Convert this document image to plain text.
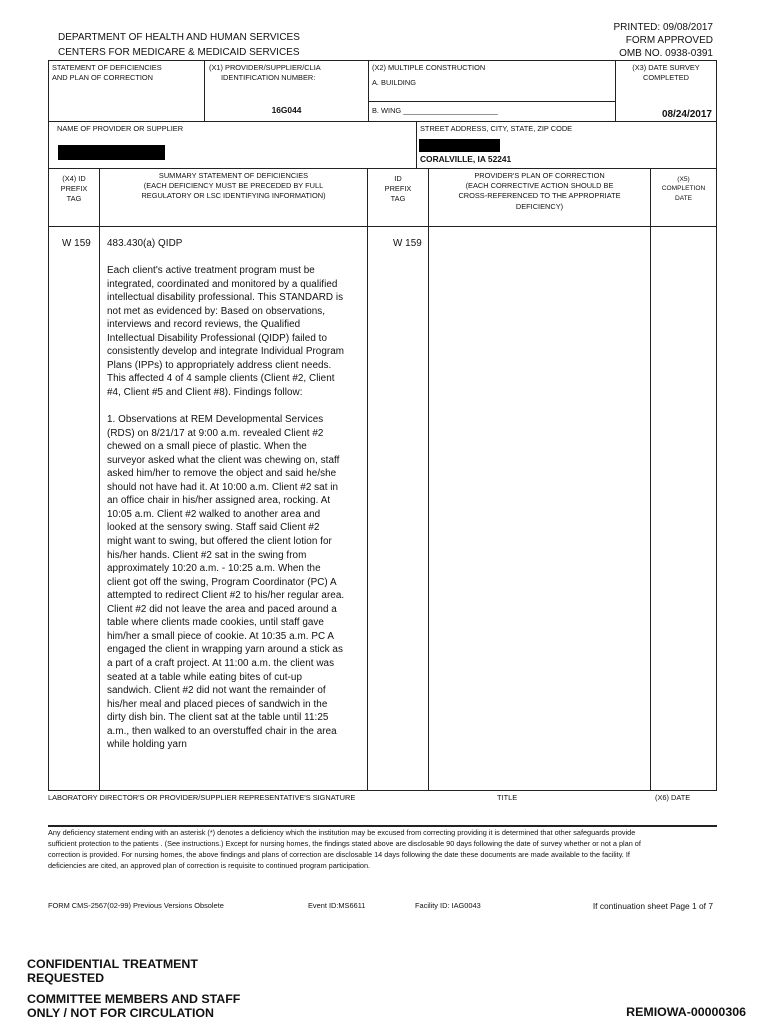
DEPARTMENT OF HEALTH AND HUMAN SERVICES
CENTERS FOR MEDICARE & MEDICAID SERVICES
PRINTED: 09/08/2017
FORM APPROVED
OMB NO. 0938-0391
STATEMENT OF DEFICIENCIES
AND PLAN OF CORRECTION
(X1) PROVIDER/SUPPLIER/CLIA
IDENTIFICATION NUMBER:
16G044
(X2) MULTIPLE CONSTRUCTION
A. BUILDING
B. WING _______________________
(X3) DATE SURVEY
COMPLETED
08/24/2017
NAME OF PROVIDER OR SUPPLIER	STREET ADDRESS, CITY, STATE, ZIP CODE
CORALVILLE, IA 52241
(X4) ID
PREFIX
TAG
SUMMARY STATEMENT OF DEFICIENCIES
(EACH DEFICIENCY MUST BE PRECEDED BY FULL
REGULATORY OR LSC IDENTIFYING INFORMATION)
ID
PREFIX
TAG
PROVIDER'S PLAN OF CORRECTION
(EACH CORRECTIVE ACTION SHOULD BE
CROSS-REFERENCED TO THE APPROPRIATE
DEFICIENCY)
(X5)
COMPLETION
DATE
W 159	W 159

483.430(a) QIDP

Each client's active treatment program must be integrated, coordinated and monitored by a qualified intellectual disability professional. This STANDARD is not met as evidenced by: Based on observations, interviews and record reviews, the Qualified Intellectual Disability Professional (QIDP) failed to consistently develop and integrate Individual Program Plans (IPPs) to appropriately address client needs. This affected 4 of 4 sample clients (Client #2, Client #4, Client #5 and Client #8). Findings follow:

1. Observations at REM Developmental Services (RDS) on 8/21/17 at 9:00 a.m. revealed Client #2 chewed on a small piece of plastic. When the surveyor asked what the client was chewing on, staff asked him/her to remove the object and said he/she should not have had it. At 10:00 a.m. Client #2 sat in an office chair in his/her assigned area, rocking. At 10:05 a.m. Client #2 walked to another area and looked at the sensory swing. Staff said Client #2 might want to swing, but offered the client lotion for his/her hands. Client #2 sat in the swing from approximately 10:20 a.m. - 10:25 a.m. When the client got off the swing, Program Coordinator (PC) A attempted to redirect Client #2 to his/her regular area. Client #2 did not leave the area and paced around a table where clients made cookies, until staff gave him/her a small piece of cookie. At 10:35 a.m. PC A engaged the client in wrapping yarn around a stick as a part of a craft project. At 11:00 a.m. the client was seated at a table while eating bites of cut-up sandwich. Client #2 did not want the remainder of his/her meal and placed pieces of sandwich in the dirty dish bin. The client sat at the table until 11:25 a.m., then walked to an overstuffed chair in the area while holding yarn

LABORATORY DIRECTOR'S OR PROVIDER/SUPPLIER REPRESENTATIVE'S SIGNATURE	TITLE	(X6) DATE
Any deficiency statement ending with an asterisk (*) denotes a deficiency which the institution may be excused from correcting providing it is determined that other safeguards provide sufficient protection to the patients . (See instructions.) Except for nursing homes, the findings stated above are disclosable 90 days following the date of survey whether or not a plan of correction is provided. For nursing homes, the above findings and plans of correction are disclosable 14 days following the date these documents are made available to the facility. If deficiencies are cited, an approved plan of correction is requisite to continued program participation.
FORM CMS-2567(02-99) Previous Versions Obsolete	Event ID:MS6611	Facility ID: IAG0043	If continuation sheet Page 1 of 7
CONFIDENTIAL TREATMENT
REQUESTED
COMMITTEE MEMBERS AND STAFF
ONLY / NOT FOR CIRCULATION	REMIOWA-00000306
